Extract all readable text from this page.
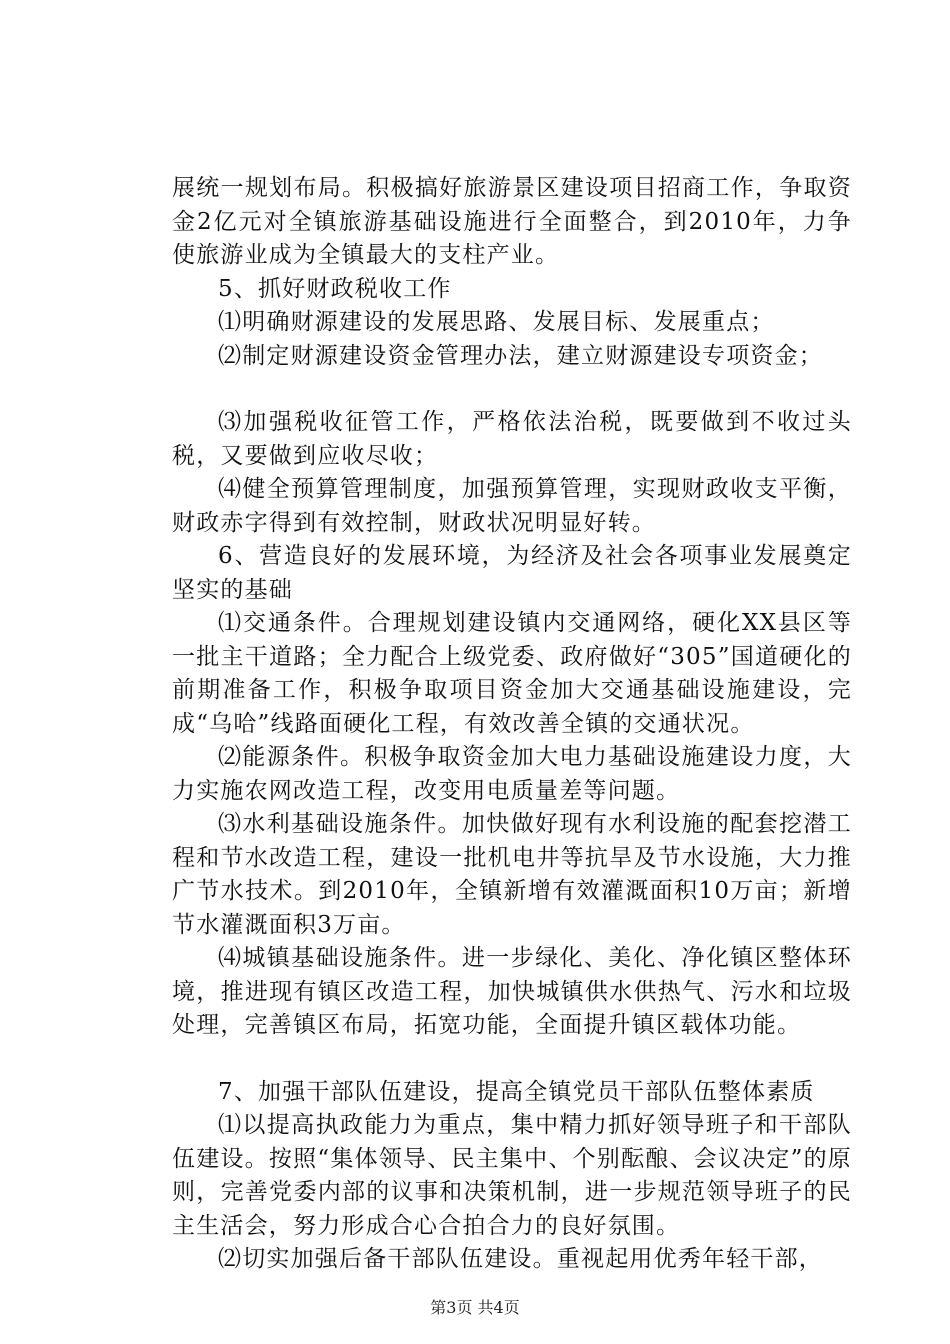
展统一规划布局。积极搞好旅游景区建设项目招商工作，争取资金2亿元对全镇旅游基础设施进行全面整合，到2010年，力争使旅游业成为全镇最大的支柱产业。

5、抓好财政税收工作

⑴明确财源建设的发展思路、发展目标、发展重点；

⑵制定财源建设资金管理办法，建立财源建设专项资金；

⑶加强税收征管工作，严格依法治税，既要做到不收过头税，又要做到应收尽收；

⑷健全预算管理制度，加强预算管理，实现财政收支平衡，财政赤字得到有效控制，财政状况明显好转。

6、营造良好的发展环境，为经济及社会各项事业发展奠定坚实的基础

⑴交通条件。合理规划建设镇内交通网络，硬化XX县区等一批主干道路；全力配合上级党委、政府做好“305”国道硬化的前期准备工作，积极争取项目资金加大交通基础设施建设，完成“乌哈”线路面硬化工程，有效改善全镇的交通状况。

⑵能源条件。积极争取资金加大电力基础设施建设力度，大力实施农网改造工程，改变用电质量差等问题。

⑶水利基础设施条件。加快做好现有水利设施的配套挖潜工程和节水改造工程，建设一批机电井等抗旱及节水设施，大力推广节水技术。到2010年，全镇新增有效灌溉面积10万亩；新增节水灌溉面积3万亩。

⑷城镇基础设施条件。进一步绿化、美化、净化镇区整体环境，推进现有镇区改造工程，加快城镇供水供热气、污水和垃圾处理，完善镇区布局，拓宽功能，全面提升镇区载体功能。

7、加强干部队伍建设，提高全镇党员干部队伍整体素质

⑴以提高执政能力为重点，集中精力抓好领导班子和干部队伍建设。按照“集体领导、民主集中、个别酝酿、会议决定”的原则，完善党委内部的议事和决策机制，进一步规范领导班子的民主生活会，努力形成合心合拍合力的良好氛围。

⑵切实加强后备干部队伍建设。重视起用优秀年轻干部，

第3页 共4页
